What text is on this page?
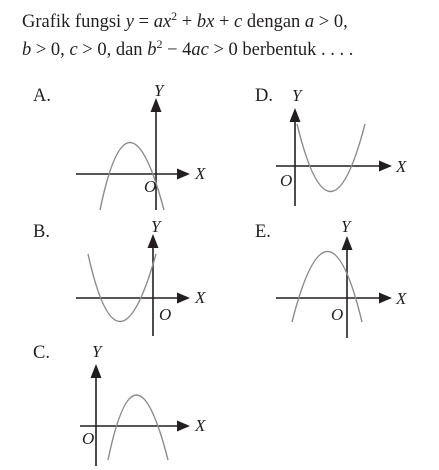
Grafik fungsi $y = ax^2$ + bx + c dengan a > 0,
b > 0, c > 0, dan $b^2 - 4ac > 0$ berbentuk . . . .
A.	Y
X
O
B.	Y
X
O
C. Y
X
O
D. Y
X
O
E.	Y
X
O
